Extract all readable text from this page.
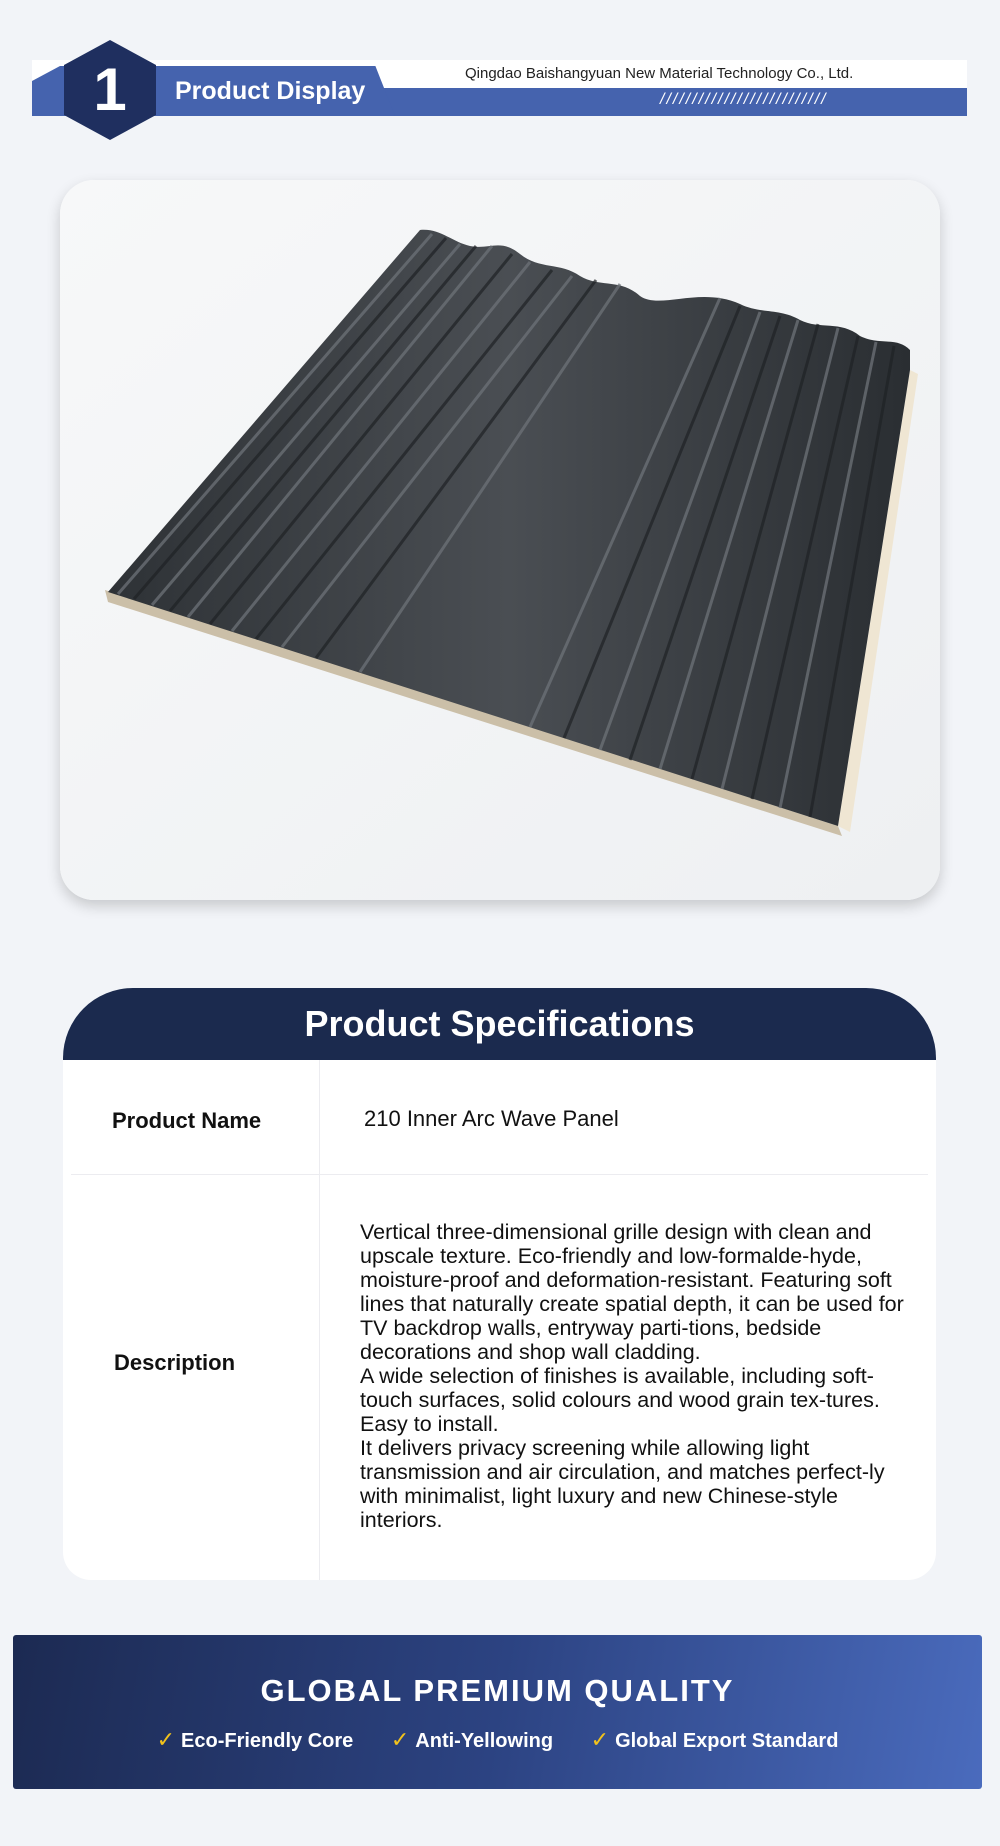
1	Product Display
Qingdao Baishangyuan New Material Technology Co., Ltd.
//////////////////////////
Product Specifications
Product Name	210 Inner Arc Wave Panel
Description

Vertical three-dimensional grille design with clean and upscale texture. Eco-friendly and low-formalde-hyde, moisture-proof and deformation-resistant. Featuring soft lines that naturally create spatial depth, it can be used for TV backdrop walls, entryway parti-tions, bedside decorations and shop wall cladding.

A wide selection of finishes is available, including soft-touch surfaces, solid colours and wood grain tex-tures. Easy to install.

It delivers privacy screening while allowing light transmission and air circulation, and matches perfect-ly with minimalist, light luxury and new Chinese-style interiors.

GLOBAL PREMIUM QUALITY
✓ Eco-Friendly Core ✓ Anti-Yellowing ✓ Global Export Standard
